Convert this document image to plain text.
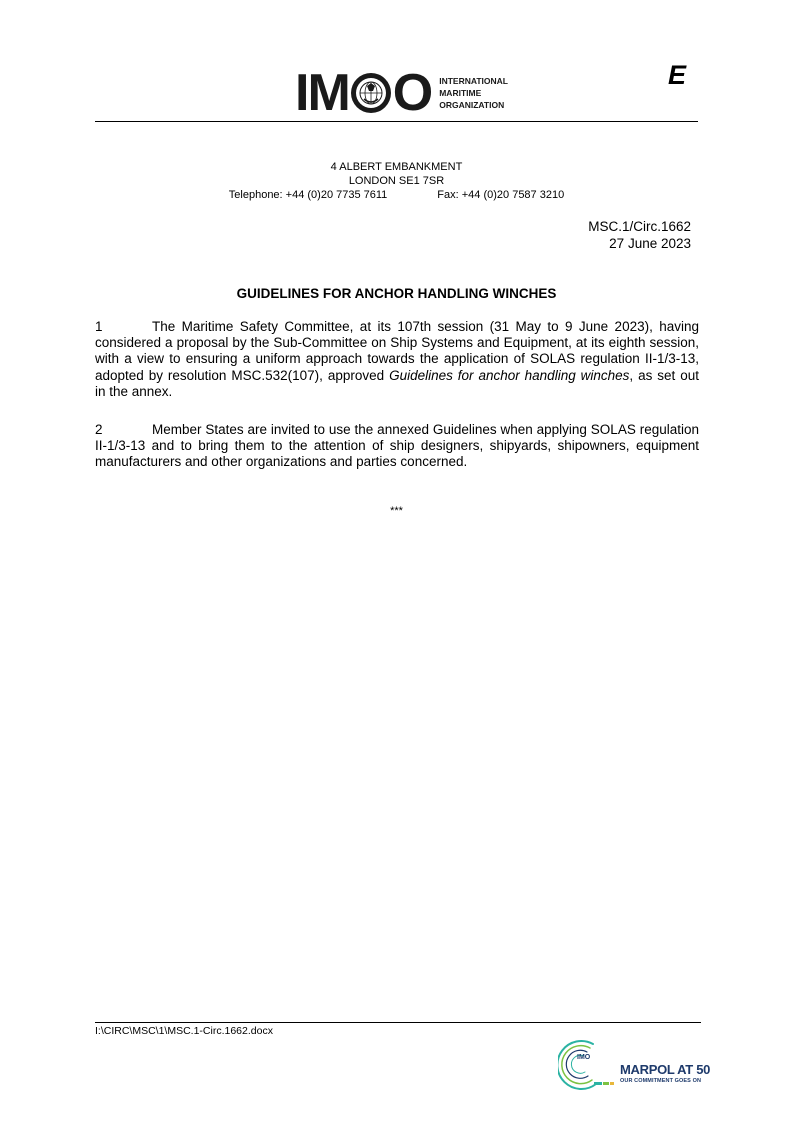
IM O INTERNATIONAL
MARITIME
ORGANIZATION
E
4 ALBERT EMBANKMENT
LONDON SE1 7SR
Telephone: +44 (0)20 7735 7611	Fax: +44 (0)20 7587 3210
MSC.1/Circ.1662
27 June 2023
GUIDELINES FOR ANCHOR HANDLING WINCHES
1	The Maritime Safety Committee, at its 107th session (31 May to 9 June 2023), having considered a proposal by the Sub-Committee on Ship Systems and Equipment, at its eighth session, with a view to ensuring a uniform approach towards the application of SOLAS regulation II-1/3-13, adopted by resolution MSC.532(107), approved Guidelines for anchor handling winches, as set out in the annex.
2	Member States are invited to use the annexed Guidelines when applying SOLAS regulation II-1/3-13 and to bring them to the attention of ship designers, shipyards, shipowners, equipment manufacturers and other organizations and parties concerned.
***
I:\CIRC\MSC\1\MSC.1-Circ.1662.docx
IMO
MARPOL AT 50
OUR COMMITMENT GOES ON
